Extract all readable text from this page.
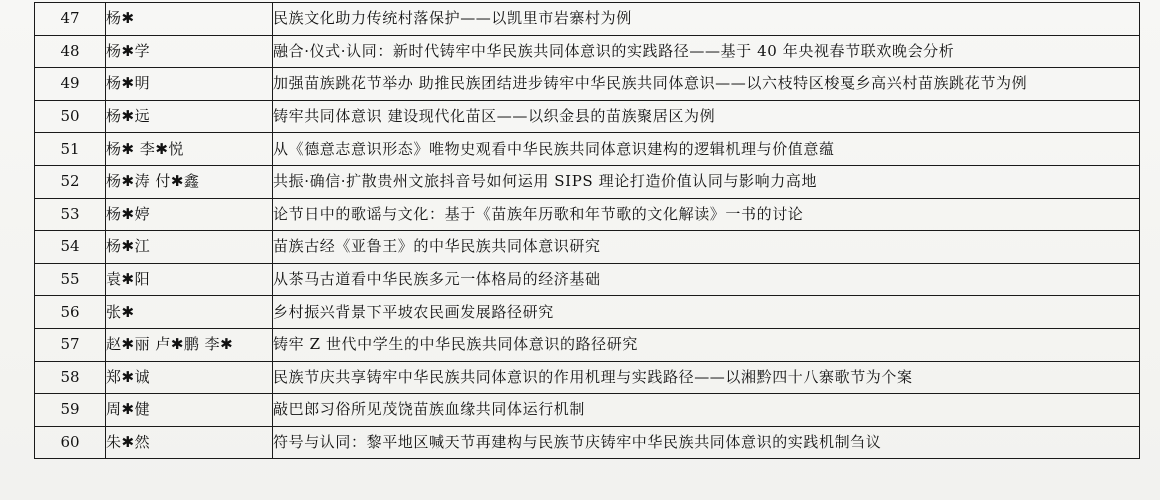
47	杨✱	民族文化助力传统村落保护——以凯里市岩寨村为例
48	杨✱学	融合·仪式·认同：新时代铸牢中华民族共同体意识的实践路径——基于 40 年央视春节联欢晚会分析
49	杨✱明	加强苗族跳花节举办 助推民族团结进步铸牢中华民族共同体意识——以六枝特区梭戛乡高兴村苗族跳花节为例
50	杨✱远	铸牢共同体意识 建设现代化苗区——以织金县的苗族聚居区为例
51	杨✱ 李✱悦	从《德意志意识形态》唯物史观看中华民族共同体意识建构的逻辑机理与价值意蕴
52	杨✱涛 付✱鑫	共振·确信·扩散贵州文旅抖音号如何运用 SIPS 理论打造价值认同与影响力高地
53	杨✱婷	论节日中的歌谣与文化：基于《苗族年历歌和年节歌的文化解读》一书的讨论
54	杨✱江	苗族古经《亚鲁王》的中华民族共同体意识研究
55	袁✱阳	从茶马古道看中华民族多元一体格局的经济基础
56	张✱	乡村振兴背景下平坡农民画发展路径研究
57	赵✱丽 卢✱鹏 李✱	铸牢 Z 世代中学生的中华民族共同体意识的路径研究
58	郑✱诚	民族节庆共享铸牢中华民族共同体意识的作用机理与实践路径——以湘黔四十八寨歌节为个案
59	周✱健	敲巴郎习俗所见茂饶苗族血缘共同体运行机制
60	朱✱然	符号与认同：黎平地区喊天节再建构与民族节庆铸牢中华民族共同体意识的实践机制刍议
